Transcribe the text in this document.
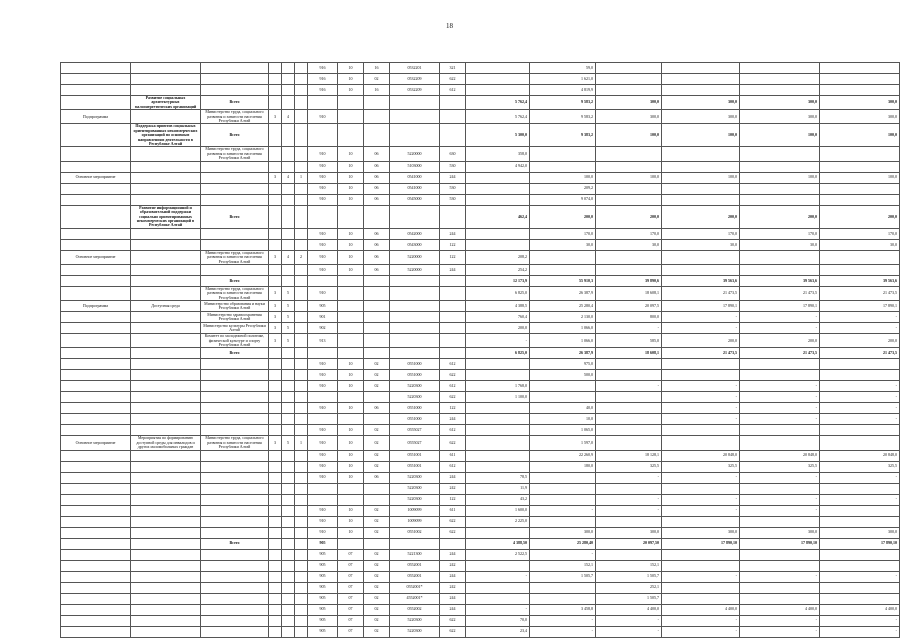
18
						916	10	16	0532201	321		59,0					
						916	10	02	0532209	622		1 621,0					
						916	10	16	0532209	612		4 819,9					
	Развитие социальных архитектурных малоэнергетических организаций	Всего									5 762,4	9 583,2	300,0	300,0	300,0	300,0	
Подпрограмма		Министерство труда, социального развития и занятости населения Республики Алтай	3	4		910					5 762,4	9 583,2	300,0	300,0	300,0	300,0	
	Поддержка приютов социальных ориентированных некоммерческих организаций по основным направлениям деятельности в Республике Алтай	Всего									5 300,0	9 383,2	100,0	100,0	100,0	100,0	
		Министерство труда, социального развития и занятости населения Республики Алтай				910	10	06	5220000	630	358,0						
						910	10	06	5103000	530	4 942,0						
Основное мероприятие			3	4	1	910	10	06	0541000	244		100,0	100,0	100,0	100,0	100,0	
						910	10	06	0541000	530		209,2					
						910	10	06	0545000	530		9 074,0					
	Развитие информационной и образовательной поддержки социально ориентированных некоммерческих организаций в Республике Алтай	Всего									462,4	200,0	200,0	200,0	200,0	200,0	
						910	10	06	0542000	244		170,0	170,0	170,0	170,0	170,0	
						910	10	06	0543000	122		30,0	30,0	30,0	30,0	30,0	
Основное мероприятие		Министерство труда, социального развития и занятости населения Республики Алтай	3	4	2	910	10	06	5220000	122	208,2						
						910	10	06	5220000	244	254,2						
		Всего									12 173,9	55 910,3	39 890,6	39 563,6	39 563,6	39 563,6	
		Министерство труда, социального развития и занятости населения Республики Алтай	3	5		910					6 825,0	26 387,9	18 608,1	21 473,5	21 473,5	21 473,5	
Подпрограмма	Доступная среда	Министерство образования и науки Республики Алтай	3	5		905					4 388,5	25 280,4	20 097,5	17 890,1	17 890,1	17 890,1	
		Министерство здравоохранения Республики Алтай	3	5		901					760,4	2 130,0	800,0	-	-	-	
		Министерство культуры Республики Алтай	3	5		902					200,0	1 066,0	-	-	-	-	
		Комитет по молодежной политике, физической культуре и спорту Республики Алтай	3	5		913					-	1 066,0	585,0	200,0	200,0	200,0	
		Всего									6 825,0	26 387,9	18 608,1	21 473,5	21 473,5	21 473,5	
						910	10	02	0551000	612		975,0					
						910	10	02	0551000	622		500,0					
						910	10	02	5220300	612	1 768,0		-	-	-	-	
									5220300	622	1 100,0			-	-	-	
						910	10	06	0551000	122		40,0		-	-	-	
									0551000	244		10,0		-	-	-	
						910	10	02	0555027	612		1 065,0					
Основное мероприятие	Мероприятия по формированию доступной среды для инвалидов и других маломобильных граждан	Министерство труда, социального развития и занятости населения Республики Алтай	3	5	1	910	10	02	0555027	622		1 597,0					
						910	10	02	0551001	611		22 260,9	18 128,1	20 848,0	20 848,0	20 848,0	
						910	10	02	0551001	612		180,0	325,5	325,5	325,5	325,5	
						910	10	06	5220300	244	78,5		-	-	-	-	
									5220300	242	11,9						
									5220300	122	43,2		-	-	-	-	
						910	10	02	1009099	611	1 600,0	-	-	-	-		
						910	10	02	1009099	622	2 225,0						
						910	10	02	0551002	622		300,0	300,0	300,0	300,0	300,0	
		Всего				905					4 388,50	25 280,40	20 097,50	17 890,10	17 890,10	17 890,10	
						905	07	02	5221300	244	2 522,5	-					
						905	07	02	0552001	242		152,1	152,1				
						905	07	02	0552001	244	-	1 505,7	1 505,7	-	-	-	
						905	07	02	0552001*	242			252,1				
						905	07	02	4552001*	244			1 505,7				
						905	07	02	0552002	244	-	3 458,8	4 400,0	4 400,0	4 400,0	4 400,0	
						905	07	02	5220300	622	70,0	-	-	-	-	-	
						905	07	02	5220300	622	23,4	-	-	-	-	-	
